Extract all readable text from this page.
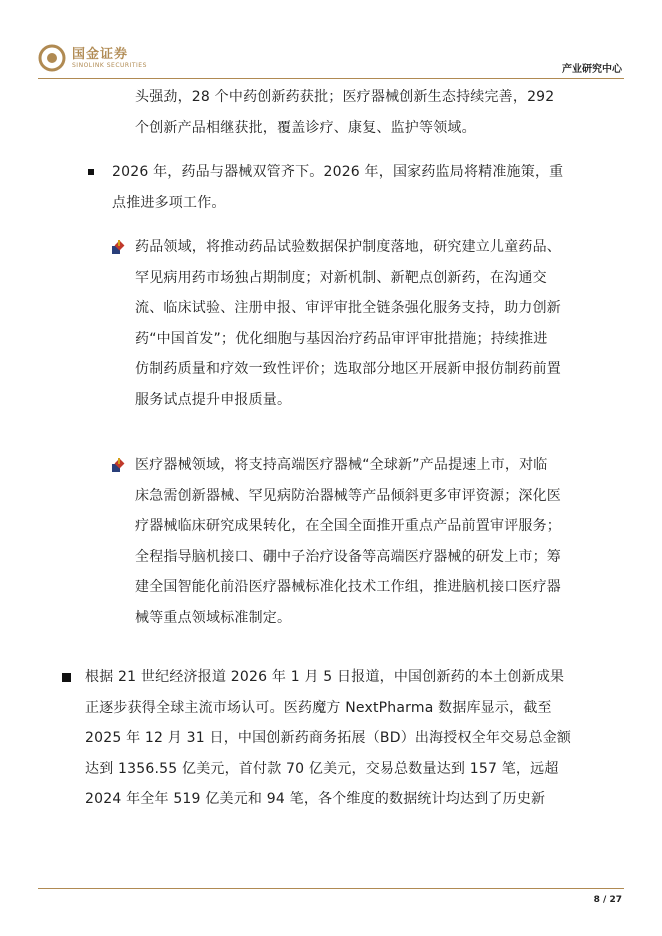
国金证券
SINOLINK SECURITIES	产业研究中心
头强劲，28 个中药创新药获批；医疗器械创新生态持续完善，292
个创新产品相继获批，覆盖诊疗、康复、监护等领域。
2026 年，药品与器械双管齐下。2026 年，国家药监局将精准施策，重
点推进多项工作。
药品领域，将推动药品试验数据保护制度落地，研究建立儿童药品、
罕见病用药市场独占期制度；对新机制、新靶点创新药，在沟通交
流、临床试验、注册申报、审评审批全链条强化服务支持，助力创新
药“中国首发”；优化细胞与基因治疗药品审评审批措施；持续推进
仿制药质量和疗效一致性评价；选取部分地区开展新申报仿制药前置
服务试点提升申报质量。
医疗器械领域，将支持高端医疗器械“全球新”产品提速上市，对临
床急需创新器械、罕见病防治器械等产品倾斜更多审评资源；深化医
疗器械临床研究成果转化，在全国全面推开重点产品前置审评服务；
全程指导脑机接口、硼中子治疗设备等高端医疗器械的研发上市；筹
建全国智能化前沿医疗器械标准化技术工作组，推进脑机接口医疗器
械等重点领域标准制定。
根据 21 世纪经济报道 2026 年 1 月 5 日报道，中国创新药的本土创新成果
正逐步获得全球主流市场认可。医药魔方 NextPharma 数据库显示，截至
2025 年 12 月 31 日，中国创新药商务拓展（BD）出海授权全年交易总金额
达到 1356.55 亿美元，首付款 70 亿美元，交易总数量达到 157 笔，远超
2024 年全年 519 亿美元和 94 笔，各个维度的数据统计均达到了历史新
8 / 27
